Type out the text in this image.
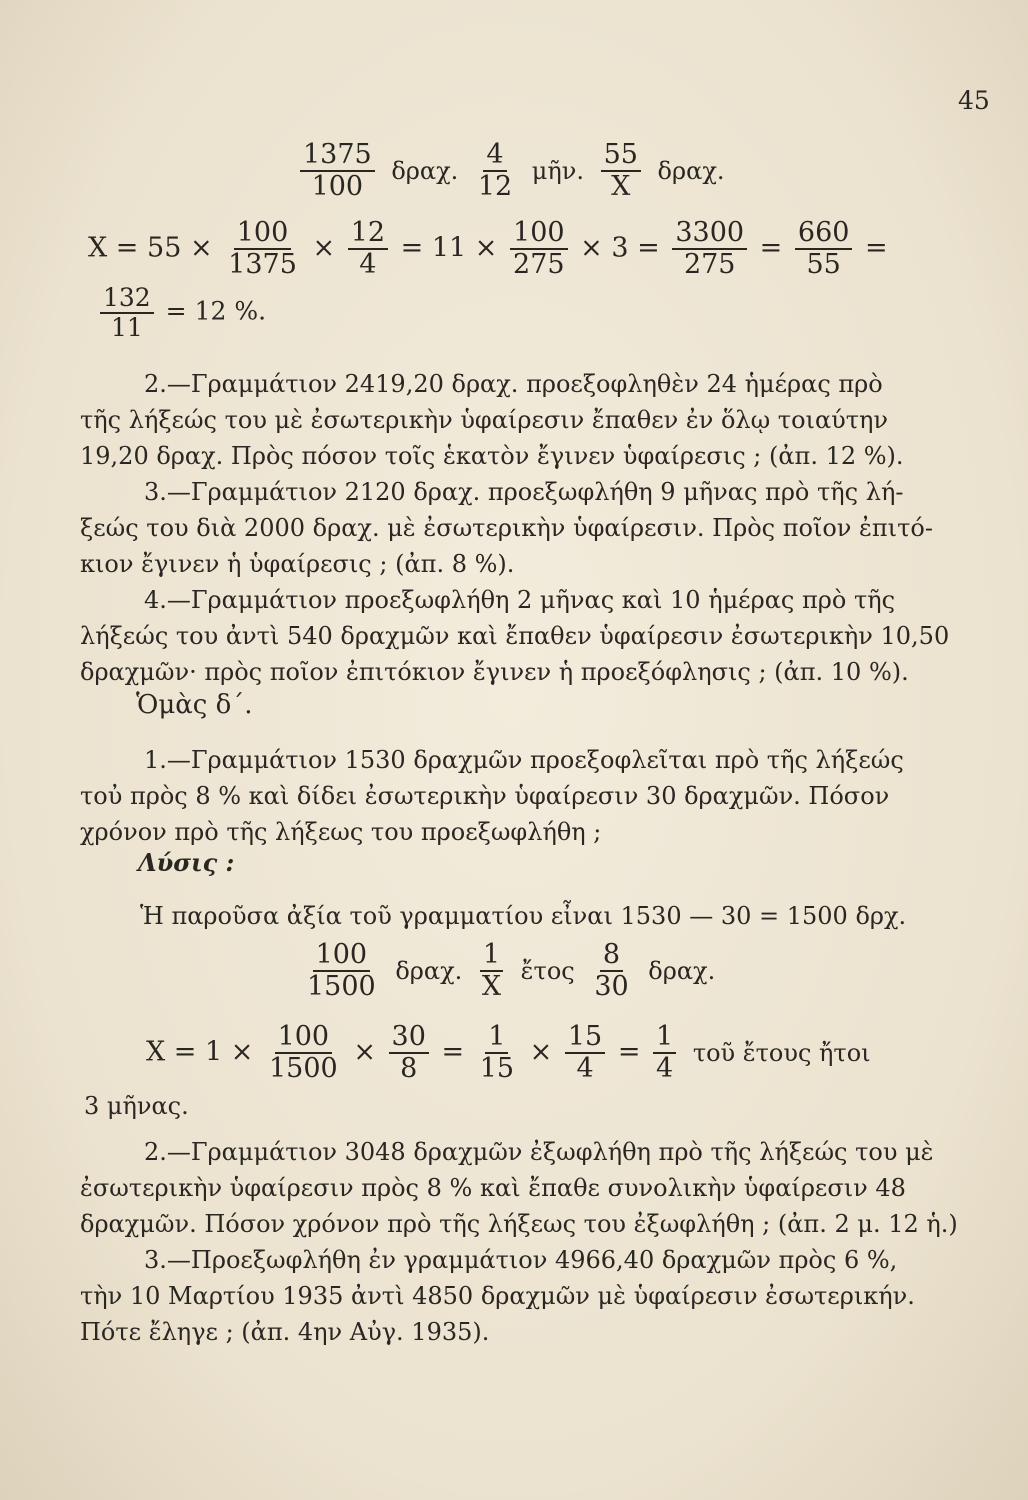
45
$\frac{1375}{100} \delta\rho\alpha\chi$. $\frac{4}{12}$ μῆν. $\frac{55}{X} \delta\rho\alpha\chi$.
$X = 55 \times \frac{100}{1375} \times \frac{12}{4} = 11 \times \frac{100}{275} \times 3 = \frac{3300}{275} = \frac{660}{55}$ =
$\frac{132}{11} = 12$ %.
2.—Γραμμάτιον 2419,20 δραχ. προεξοφληθὲν 24 ἡμέρας πρὸ
τῆς λήξεώς του μὲ ἐσωτερικὴν ὑφαίρεσιν ἔπαθεν ἐν ὅλῳ τοιαύτην
19,20 δραχ. Πρὸς πόσον τοῖς ἑκατὸν ἔγινεν ὑφαίρεσις ; (ἀπ. 12 %).
3.—Γραμμάτιον 2120 δραχ. προεξωφλήθη 9 μῆνας πρὸ τῆς λή-
ξεώς του διὰ 2000 δραχ. μὲ ἐσωτερικὴν ὑφαίρεσιν. Πρὸς ποῖον ἐπιτό-
κιον ἔγινεν ἡ ὑφαίρεσις ; (ἀπ. 8 %).
4.—Γραμμάτιον προεξωφλήθη 2 μῆνας καὶ 10 ἡμέρας πρὸ τῆς
λήξεώς του ἀντὶ 540 δραχμῶν καὶ ἔπαθεν ὑφαίρεσιν ἐσωτερικὴν 10,50
δραχμῶν· πρὸς ποῖον ἐπιτόκιον ἔγινεν ἡ προεξόφλησις ; (ἀπ. 10 %).
Ὁμὰς δ΄.
1.—Γραμμάτιον 1530 δραχμῶν προεξοφλεῖται πρὸ τῆς λήξεώς
τοὐ πρὸς 8 % καὶ δίδει ἐσωτερικὴν ὑφαίρεσιν 30 δραχμῶν. Πόσον
χρόνον πρὸ τῆς λήξεως του προεξωφλήθη ;
Λύσις :
Ἡ παροῦσα ἀξία τοῦ γραμματίου εἶναι 1530 — 30 = 1500 δρχ.
$\frac{100}{1500} \delta\rho\alpha\chi$. $\frac{1}{X}$ ἔτος $\frac{8}{30} \delta\rho\alpha\chi$.
$X = 1 \times \frac{100}{1500} \times \frac{30}{8} = \frac{1}{15} \times \frac{15}{4} = \frac{1}{4}$ τοῦ ἔτους ἤτοι
3 μῆνας.
2.—Γραμμάτιον 3048 δραχμῶν ἐξωφλήθη πρὸ τῆς λήξεώς του μὲ
ἐσωτερικὴν ὑφαίρεσιν πρὸς 8 % καὶ ἔπαθε συνολικὴν ὑφαίρεσιν 48
δραχμῶν. Πόσον χρόνον πρὸ τῆς λήξεως του ἐξωφλήθη ; (ἀπ. 2 μ. 12 ἡ.)
3.—Προεξωφλήθη ἐν γραμμάτιον 4966,40 δραχμῶν πρὸς 6 %,
τὴν 10 Μαρτίου 1935 ἀντὶ 4850 δραχμῶν μὲ ὑφαίρεσιν ἐσωτερικήν.
Πότε ἔληγε ; (ἀπ. 4ην Αὐγ. 1935).
